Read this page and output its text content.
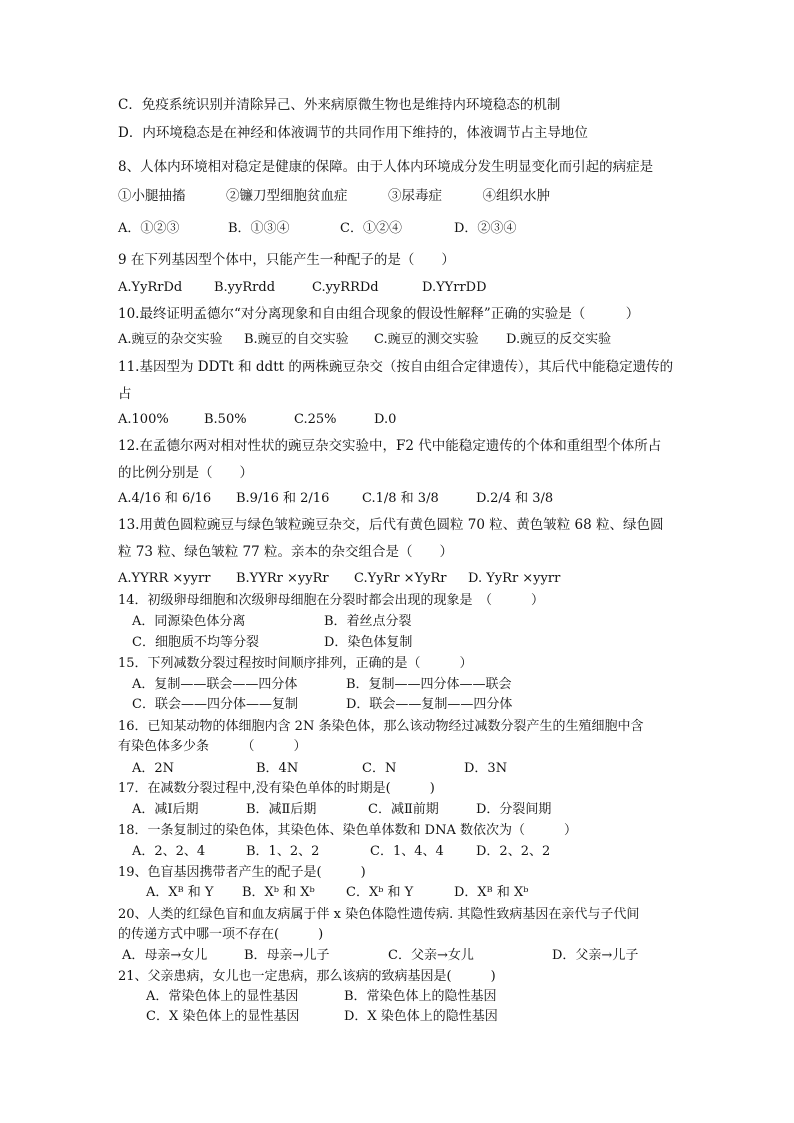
C．免疫系统识别并清除异己、外来病原微生物也是维持内环境稳态的机制
D．内环境稳态是在神经和体液调节的共同作用下维持的，体液调节占主导地位
8、人体内环境相对稳定是健康的保障。由于人体内环境成分发生明显变化而引起的病症是
①小腿抽搐　　　②镰刀型细胞贫血症　　　③尿毒症　　　④组织水肿
A．①②③	B．①③④	C．①②④	D．②③④
9 在下列基因型个体中，只能产生一种配子的是（　　）
A.YyRrDd B.yyRrdd	C.yyRRDd	D.YYrrDD
10.最终证明孟德尔“对分离现象和自由组合现象的假设性解释”正确的实验是（　　　）
A.豌豆的杂交实验 B.豌豆的自交实验 C.豌豆的测交实验 D.豌豆的反交实验
11.基因型为 DDTt 和 ddtt 的两株豌豆杂交（按自由组合定律遗传），其后代中能稳定遗传的
占
A.100%	B.50%	C.25%	D.0
12.在孟德尔两对相对性状的豌豆杂交实验中，F2 代中能稳定遗传的个体和重组型个体所占
的比例分别是（　　）
A.4/16 和 6/16 B.9/16 和 2/16	C.1/8 和 3/8	D.2/4 和 3/8
13.用黄色圆粒豌豆与绿色皱粒豌豆杂交，后代有黄色圆粒 70 粒、黄色皱粒 68 粒、绿色圆
粒 73 粒、绿色皱粒 77 粒。亲本的杂交组合是（　　）
A.YYRR ×yyrr B.YYRr ×yyRr C.YyRr ×YyRr D. YyRr ×yyrr
14．初级卵母细胞和次级卵母细胞在分裂时都会出现的现象是　（　　　）
A．同源染色体分离	B．着丝点分裂
C．细胞质不均等分裂	D．染色体复制
15．下列减数分裂过程按时间顺序排列，正确的是（　　　）
A．复制——联会——四分体	B．复制——四分体——联会
C．联会——四分体——复制	D．联会——复制——四分体
16．已知某动物的体细胞内含 2N 条染色体，那么该动物经过减数分裂产生的生殖细胞中含
有染色体多少条　　　（　　　）
A．2N	B．4N	C．N	D．3N
17．在减数分裂过程中,没有染色单体的时期是(　　　)
A．减Ⅰ后期	B．减Ⅱ后期	C．减Ⅱ前期	D．分裂间期
18．一条复制过的染色体，其染色体、染色单体数和 DNA 数依次为（　　　）
A．2、2、4	B．1、2、2	C．1、4、4 D．2、2、2
19、色盲基因携带者产生的配子是(　　　)
A．Xᴮ 和 Y B．Xᵇ 和 Xᵇ C．Xᵇ 和 Y	D．Xᴮ 和 Xᵇ
20、人类的红绿色盲和血友病属于伴 x 染色体隐性遗传病. 其隐性致病基因在亲代与子代间
的传递方式中哪一项不存在(　　　)
A．母亲→女儿	B．母亲→儿子	C．父亲→女儿	D．父亲→儿子
21、父亲患病，女儿也一定患病，那么该病的致病基因是(　　　)
A．常染色体上的显性基因	B．常染色体上的隐性基因
C．X 染色体上的显性基因	D．X 染色体上的隐性基因
